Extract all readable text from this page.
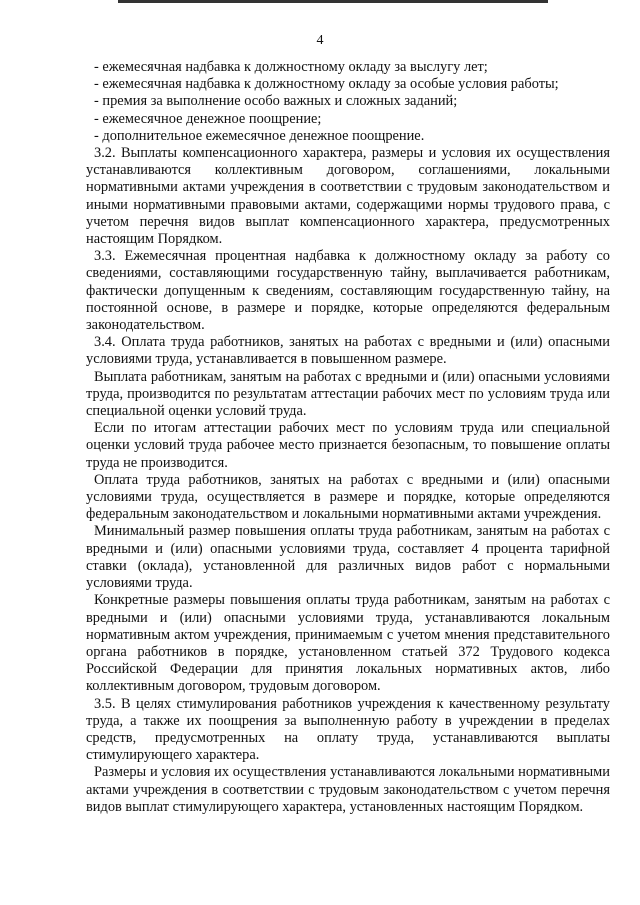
4

- ежемесячная надбавка к должностному окладу за выслугу лет;

- ежемесячная надбавка к должностному окладу за особые условия работы;

- премия за выполнение особо важных и сложных заданий;

- ежемесячное денежное поощрение;

- дополнительное ежемесячное денежное поощрение.

3.2. Выплаты компенсационного характера, размеры и условия их осуществления устанавливаются коллективным договором, соглашениями, локальными нормативными актами учреждения в соответствии с трудовым законодательством и иными нормативными правовыми актами, содержащими нормы трудового права, с учетом перечня видов выплат компенсационного характера, предусмотренных настоящим Порядком.

3.3. Ежемесячная процентная надбавка к должностному окладу за работу со сведениями, составляющими государственную тайну, выплачивается работникам, фактически допущенным к сведениям, составляющим государственную тайну, на постоянной основе, в размере и порядке, которые определяются федеральным законодательством.

3.4. Оплата труда работников, занятых на работах с вредными и (или) опасными условиями труда, устанавливается в повышенном размере.

Выплата работникам, занятым на работах с вредными и (или) опасными условиями труда, производится по результатам аттестации рабочих мест по условиям труда или специальной оценки условий труда.

Если по итогам аттестации рабочих мест по условиям труда или специальной оценки условий труда рабочее место признается безопасным, то повышение оплаты труда не производится.

Оплата труда работников, занятых на работах с вредными и (или) опасными условиями труда, осуществляется в размере и порядке, которые определяются федеральным законодательством и локальными нормативными актами учреждения.

Минимальный размер повышения оплаты труда работникам, занятым на работах с вредными и (или) опасными условиями труда, составляет 4 процента тарифной ставки (оклада), установленной для различных видов работ с нормальными условиями труда.

Конкретные размеры повышения оплаты труда работникам, занятым на работах с вредными и (или) опасными условиями труда, устанавливаются локальным нормативным актом учреждения, принимаемым с учетом мнения представительного органа работников в порядке, установленном статьей 372 Трудового кодекса Российской Федерации для принятия локальных нормативных актов, либо коллективным договором, трудовым договором.

3.5. В целях стимулирования работников учреждения к качественному результату труда, а также их поощрения за выполненную работу в учреждении в пределах средств, предусмотренных на оплату труда, устанавливаются выплаты стимулирующего характера.

Размеры и условия их осуществления устанавливаются локальными нормативными актами учреждения в соответствии с трудовым законодательством с учетом перечня видов выплат стимулирующего характера, установленных настоящим Порядком.
